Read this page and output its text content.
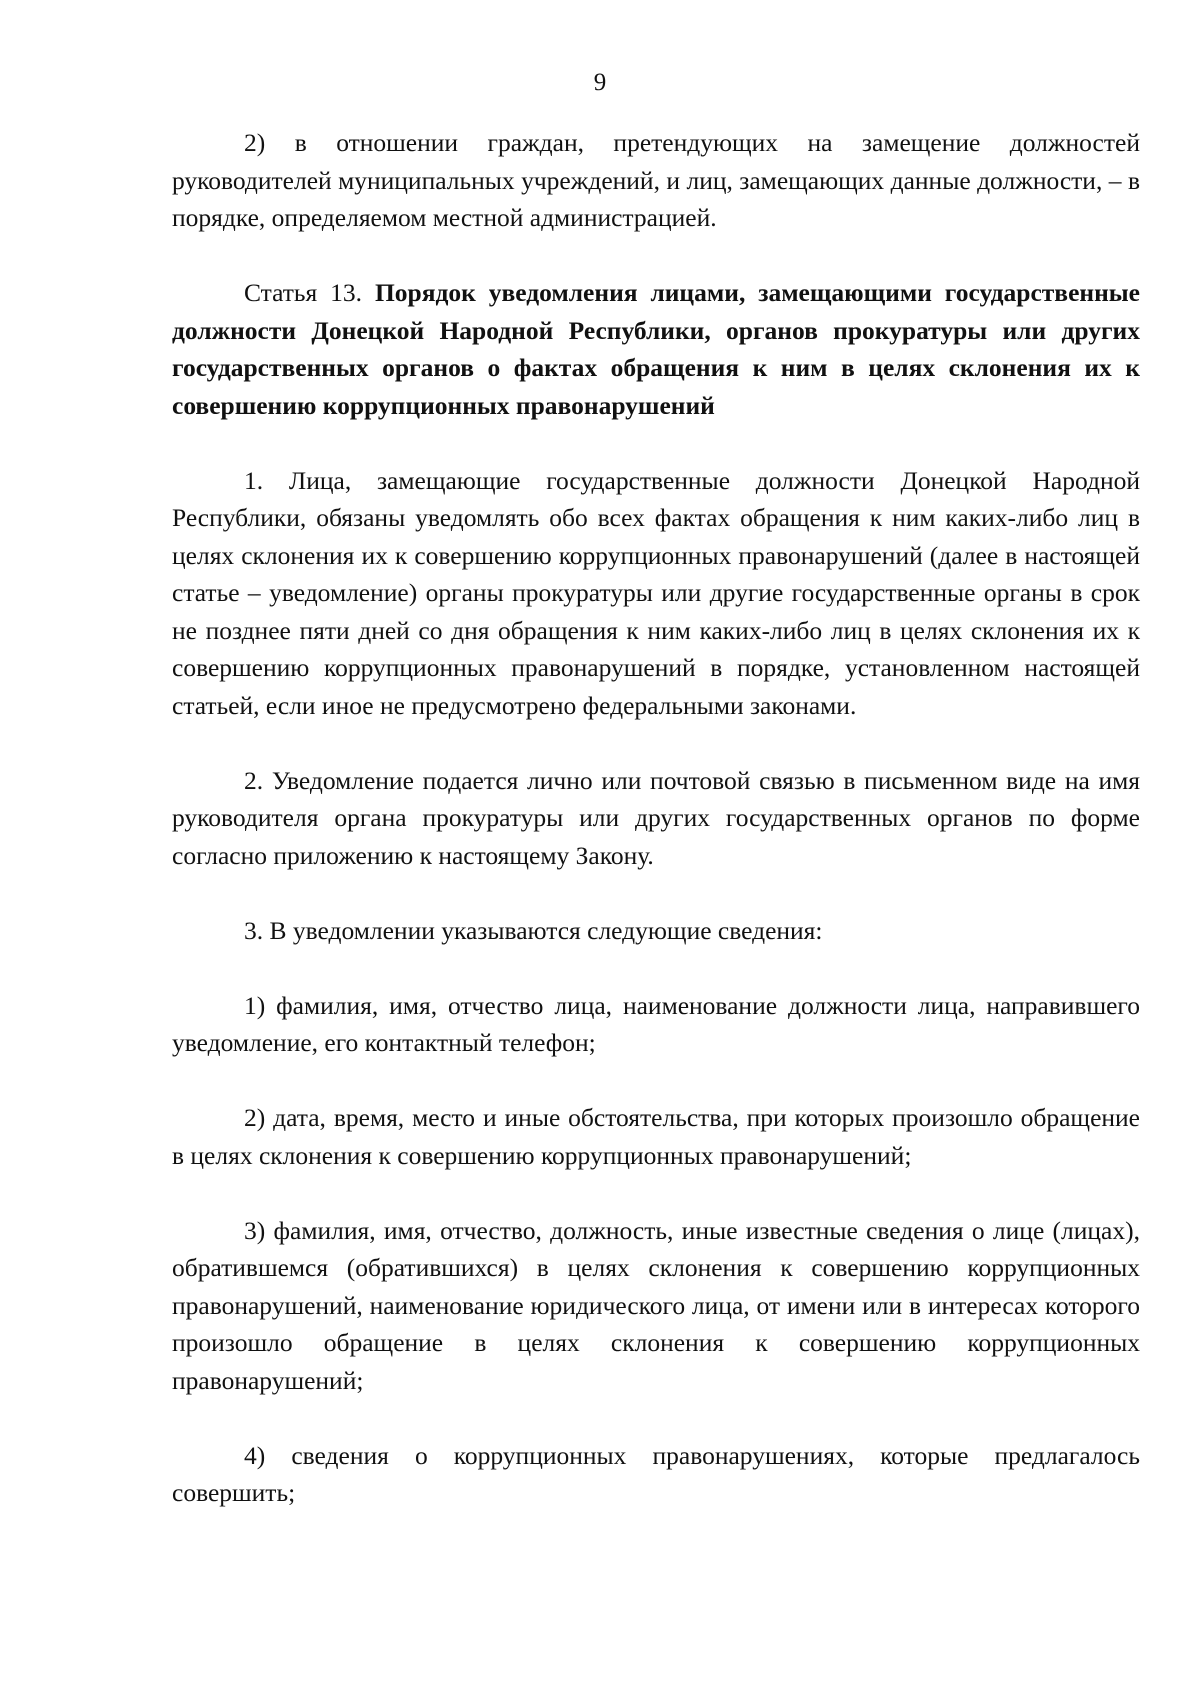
9

2) в отношении граждан, претендующих на замещение должностей руководителей муниципальных учреждений, и лиц, замещающих данные должности, – в порядке, определяемом местной администрацией.

Статья 13. Порядок уведомления лицами, замещающими государственные должности Донецкой Народной Республики, органов прокуратуры или других государственных органов о фактах обращения к ним в целях склонения их к совершению коррупционных правонарушений

1. Лица, замещающие государственные должности Донецкой Народной Республики, обязаны уведомлять обо всех фактах обращения к ним каких-либо лиц в целях склонения их к совершению коррупционных правонарушений (далее в настоящей статье – уведомление) органы прокуратуры или другие государственные органы в срок не позднее пяти дней со дня обращения к ним каких-либо лиц в целях склонения их к совершению коррупционных правонарушений в порядке, установленном настоящей статьей, если иное не предусмотрено федеральными законами.

2. Уведомление подается лично или почтовой связью в письменном виде на имя руководителя органа прокуратуры или других государственных органов по форме согласно приложению к настоящему Закону.

3. В уведомлении указываются следующие сведения:

1) фамилия, имя, отчество лица, наименование должности лица, направившего уведомление, его контактный телефон;

2) дата, время, место и иные обстоятельства, при которых произошло обращение в целях склонения к совершению коррупционных правонарушений;

3) фамилия, имя, отчество, должность, иные известные сведения о лице (лицах), обратившемся (обратившихся) в целях склонения к совершению коррупционных правонарушений, наименование юридического лица, от имени или в интересах которого произошло обращение в целях склонения к совершению коррупционных правонарушений;

4) сведения о коррупционных правонарушениях, которые предлагалось совершить;
